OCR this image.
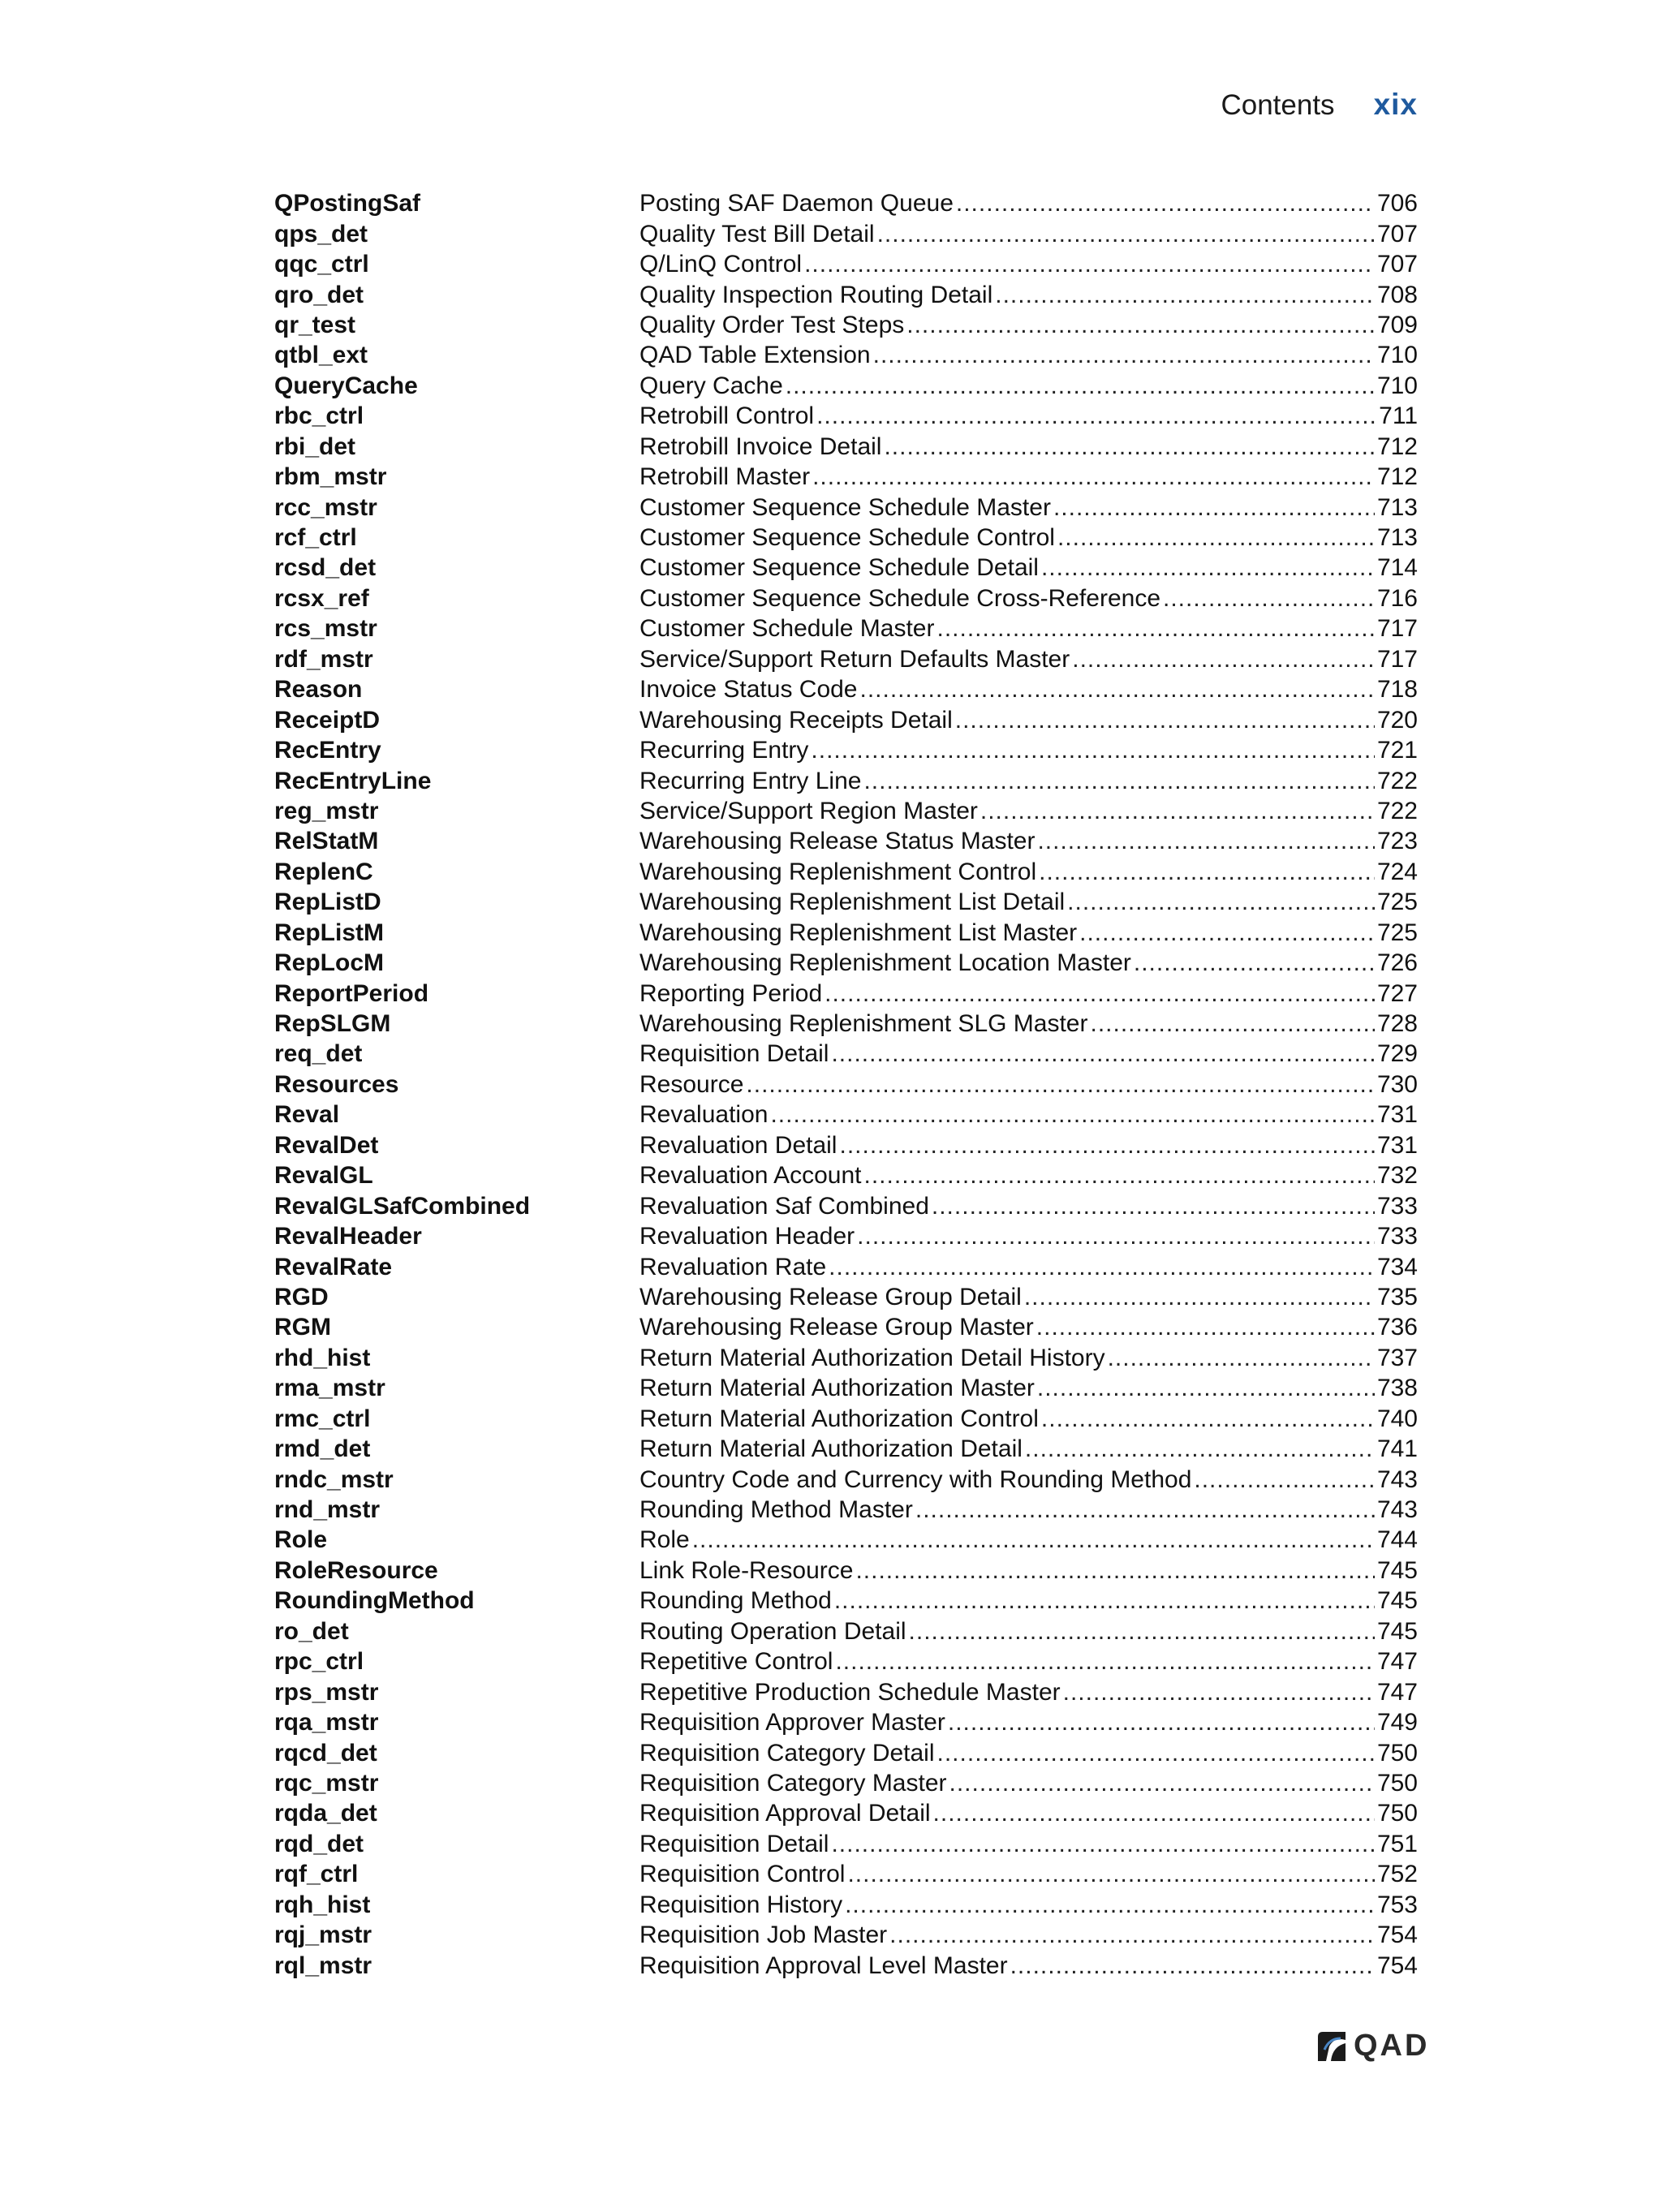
Contents xix
QPostingSaf	Posting SAF Daemon Queue .....	706
qps_det	Quality Test Bill Detail .....	707
qqc_ctrl	Q/LinQ Control .....	707
qro_det	Quality Inspection Routing Detail .....	708
qr_test	Quality Order Test Steps .....	709
qtbl_ext	QAD Table Extension .....	710
QueryCache	Query Cache .....	710
rbc_ctrl	Retrobill Control .....	711
rbi_det	Retrobill Invoice Detail .....	712
rbm_mstr	Retrobill Master .....	712
rcc_mstr	Customer Sequence Schedule Master .....	713
rcf_ctrl	Customer Sequence Schedule Control .....	713
rcsd_det	Customer Sequence Schedule Detail .....	714
rcsx_ref	Customer Sequence Schedule Cross-Reference .....	716
rcs_mstr	Customer Schedule Master .....	717
rdf_mstr	Service/Support Return Defaults Master .....	717
Reason	Invoice Status Code .....	718
ReceiptD	Warehousing Receipts Detail .....	720
RecEntry	Recurring Entry .....	721
RecEntryLine	Recurring Entry Line .....	722
reg_mstr	Service/Support Region Master .....	722
RelStatM	Warehousing Release Status Master .....	723
ReplenC	Warehousing Replenishment Control .....	724
RepListD	Warehousing Replenishment List Detail .....	725
RepListM	Warehousing Replenishment List Master .....	725
RepLocM	Warehousing Replenishment Location Master .....	726
ReportPeriod	Reporting Period .....	727
RepSLGM	Warehousing Replenishment SLG Master .....	728
req_det	Requisition Detail .....	729
Resources	Resource .....	730
Reval	Revaluation .....	731
RevalDet	Revaluation Detail .....	731
RevalGL	Revaluation Account .....	732
RevalGLSafCombined	Revaluation Saf Combined .....	733
RevalHeader	Revaluation Header .....	733
RevalRate	Revaluation Rate .....	734
RGD	Warehousing Release Group Detail .....	735
RGM	Warehousing Release Group Master .....	736
rhd_hist	Return Material Authorization Detail History .....	737
rma_mstr	Return Material Authorization Master .....	738
rmc_ctrl	Return Material Authorization Control .....	740
rmd_det	Return Material Authorization Detail .....	741
rndc_mstr	Country Code and Currency with Rounding Method .....	743
rnd_mstr	Rounding Method Master .....	743
Role	Role .....	744
RoleResource	Link Role-Resource .....	745
RoundingMethod	Rounding Method .....	745
ro_det	Routing Operation Detail .....	745
rpc_ctrl	Repetitive Control .....	747
rps_mstr	Repetitive Production Schedule Master .....	747
rqa_mstr	Requisition Approver Master .....	749
rqcd_det	Requisition Category Detail .....	750
rqc_mstr	Requisition Category Master .....	750
rqda_det	Requisition Approval Detail .....	750
rqd_det	Requisition Detail .....	751
rqf_ctrl	Requisition Control .....	752
rqh_hist	Requisition History .....	753
rqj_mstr	Requisition Job Master .....	754
rql_mstr	Requisition Approval Level Master .....	754
QAD
